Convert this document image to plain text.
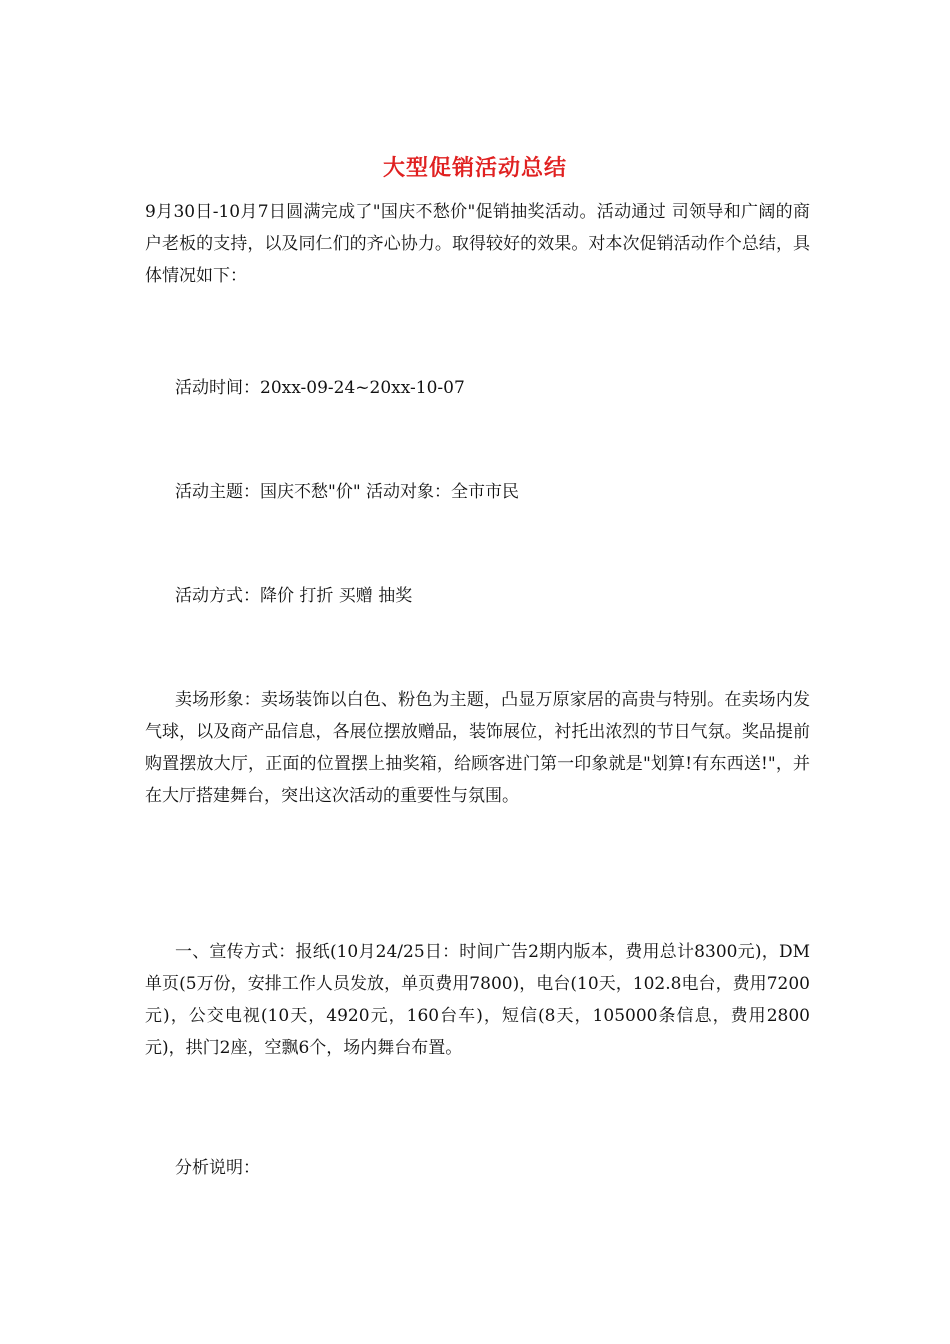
大型促销活动总结

9月30日-10月7日圆满完成了"国庆不愁价"促销抽奖活动。活动通过 司领导和广阔的商户老板的支持，以及同仁们的齐心协力。取得较好的效果。对本次促销活动作个总结，具体情况如下：

活动时间：20xx-09-24~20xx-10-07

活动主题：国庆不愁"价" 活动对象：全市市民

活动方式：降价 打折 买赠 抽奖

卖场形象：卖场装饰以白色、粉色为主题，凸显万原家居的高贵与特别。在卖场内发气球，以及商产品信息，各展位摆放赠品，装饰展位，衬托出浓烈的节日气氛。奖品提前购置摆放大厅，正面的位置摆上抽奖箱，给顾客进门第一印象就是"划算!有东西送!"，并在大厅搭建舞台，突出这次活动的重要性与氛围。

一、宣传方式：报纸(10月24/25日：时间广告2期内版本，费用总计8300元)，DM单页(5万份，安排工作人员发放，单页费用7800)，电台(10天，102.8电台，费用7200元)，公交电视(10天，4920元，160台车)，短信(8天，105000条信息，费用2800元)，拱门2座，空飘6个，场内舞台布置。

分析说明：
